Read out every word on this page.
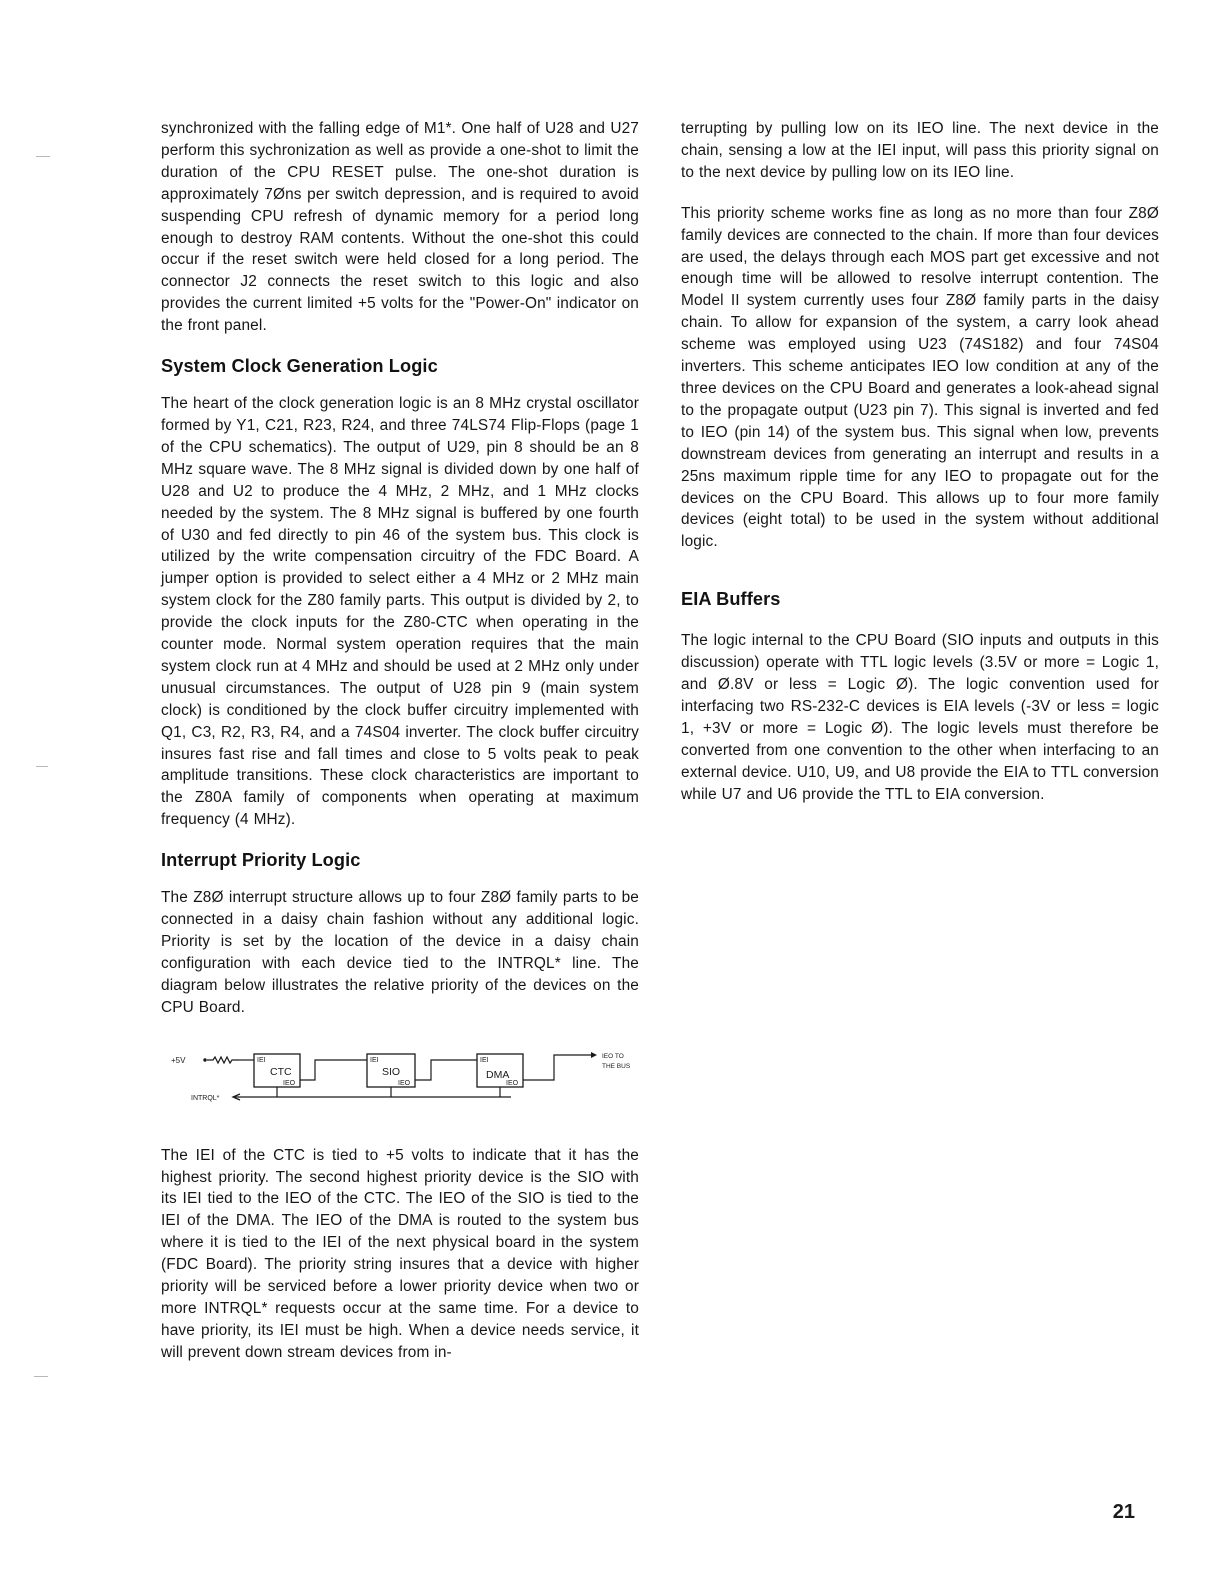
synchronized with the falling edge of M1*. One half of U28 and U27 perform this sychronization as well as provide a one-shot to limit the duration of the CPU RESET pulse. The one-shot duration is approximately 7Øns per switch depression, and is required to avoid suspending CPU refresh of dynamic memory for a period long enough to destroy RAM contents. Without the one-shot this could occur if the reset switch were held closed for a long period. The connector J2 connects the reset switch to this logic and also provides the current limited +5 volts for the "Power-On" indicator on the front panel.

System Clock Generation Logic

The heart of the clock generation logic is an 8 MHz crystal oscillator formed by Y1, C21, R23, R24, and three 74LS74 Flip-Flops (page 1 of the CPU schematics). The output of U29, pin 8 should be an 8 MHz square wave. The 8 MHz signal is divided down by one half of U28 and U2 to produce the 4 MHz, 2 MHz, and 1 MHz clocks needed by the system. The 8 MHz signal is buffered by one fourth of U30 and fed directly to pin 46 of the system bus. This clock is utilized by the write compensation circuitry of the FDC Board. A jumper option is provided to select either a 4 MHz or 2 MHz main system clock for the Z80 family parts. This output is divided by 2, to provide the clock inputs for the Z80-CTC when operating in the counter mode. Normal system operation requires that the main system clock run at 4 MHz and should be used at 2 MHz only under unusual circumstances. The output of U28 pin 9 (main system clock) is conditioned by the clock buffer circuitry implemented with Q1, C3, R2, R3, R4, and a 74S04 inverter. The clock buffer circuitry insures fast rise and fall times and close to 5 volts peak to peak amplitude transitions. These clock characteristics are important to the Z80A family of components when operating at maximum frequency (4 MHz).

Interrupt Priority Logic

The Z8Ø interrupt structure allows up to four Z8Ø family parts to be connected in a daisy chain fashion without any additional logic. Priority is set by the location of the device in a daisy chain configuration with each device tied to the INTRQL* line. The diagram below illustrates the relative priority of the devices on the CPU Board.

+5V	IEI
CTC
IEO
IEI
SIO
IEO
IEI
DMA
IEO
IEO TO
THE BUS
INTRQL*

The IEI of the CTC is tied to +5 volts to indicate that it has the highest priority. The second highest priority device is the SIO with its IEI tied to the IEO of the CTC. The IEO of the SIO is tied to the IEI of the DMA. The IEO of the DMA is routed to the system bus where it is tied to the IEI of the next physical board in the system (FDC Board). The priority string insures that a device with higher priority will be serviced before a lower priority device when two or more INTRQL* requests occur at the same time. For a device to have priority, its IEI must be high. When a device needs service, it will prevent down stream devices from in-

terrupting by pulling low on its IEO line. The next device in the chain, sensing a low at the IEI input, will pass this priority signal on to the next device by pulling low on its IEO line.

This priority scheme works fine as long as no more than four Z8Ø family devices are connected to the chain. If more than four devices are used, the delays through each MOS part get excessive and not enough time will be allowed to resolve interrupt contention. The Model II system currently uses four Z8Ø family parts in the daisy chain. To allow for expansion of the system, a carry look ahead scheme was employed using U23 (74S182) and four 74S04 inverters. This scheme anticipates IEO low condition at any of the three devices on the CPU Board and generates a look-ahead signal to the propagate output (U23 pin 7). This signal is inverted and fed to IEO (pin 14) of the system bus. This signal when low, prevents downstream devices from generating an interrupt and results in a 25ns maximum ripple time for any IEO to propagate out for the devices on the CPU Board. This allows up to four more family devices (eight total) to be used in the system without additional logic.

EIA Buffers

The logic internal to the CPU Board (SIO inputs and outputs in this discussion) operate with TTL logic levels (3.5V or more = Logic 1, and Ø.8V or less = Logic Ø). The logic convention used for interfacing two RS-232-C devices is EIA levels (-3V or less = logic 1, +3V or more = Logic Ø). The logic levels must therefore be converted from one convention to the other when interfacing to an external device. U10, U9, and U8 provide the EIA to TTL conversion while U7 and U6 provide the TTL to EIA conversion.

21
